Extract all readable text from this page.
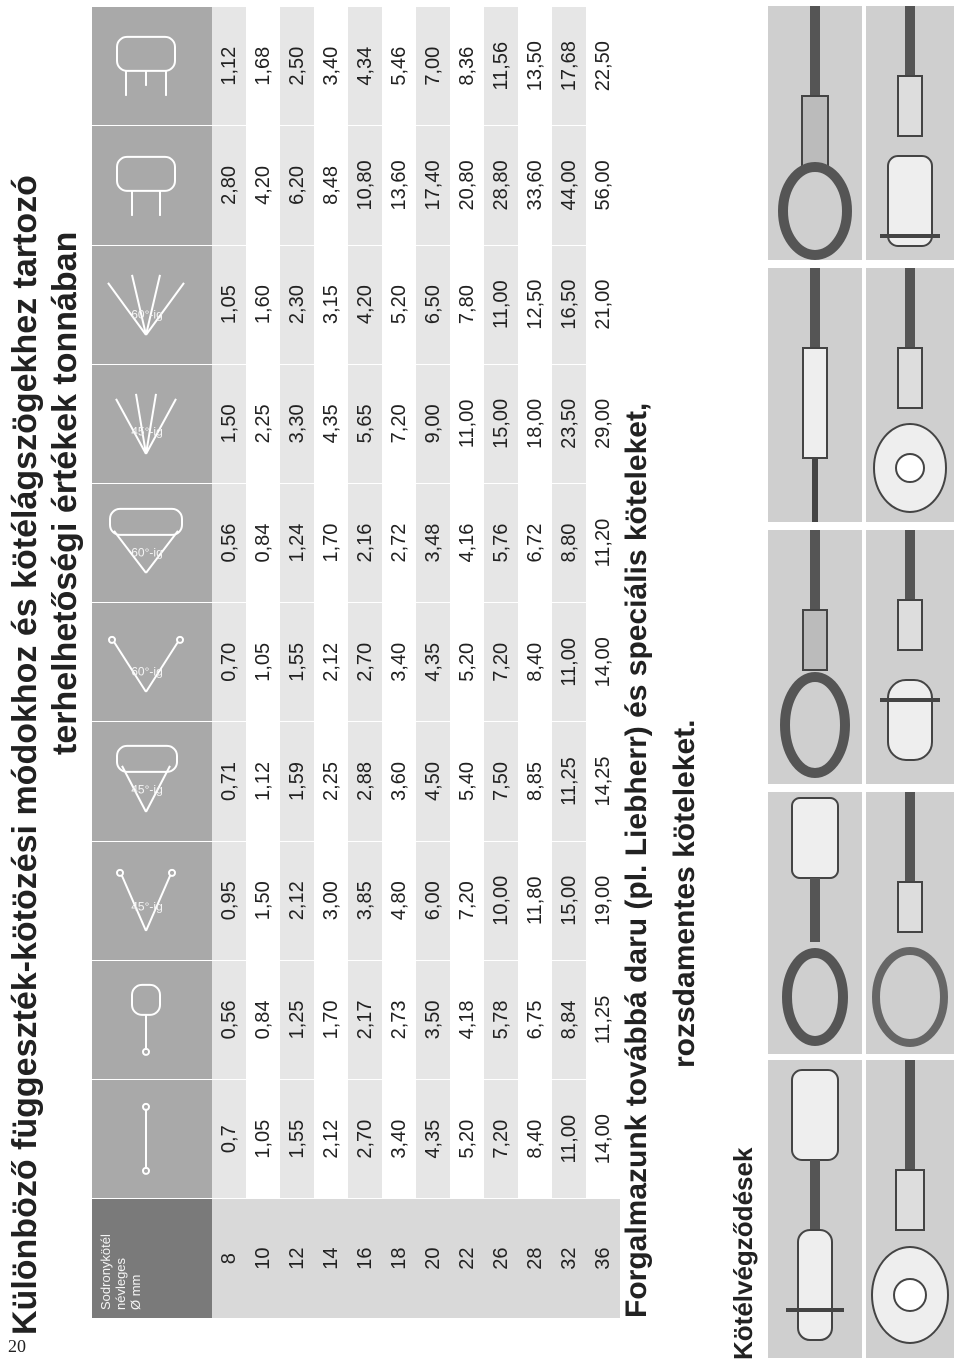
Különböző függeszték-kötözési módokhoz és kötélágszögekhez tartozó terhelhetőségi értékek tonnában
Sodronykötél névleges Ø mm			45°-ig	45°-ig	60°-ig	60°-ig	45°-ig	60°-ig

8	0,7	0,56	0,95	0,71	0,70	0,56	1,50	1,05	2,80	1,12
10	1,05	0,84	1,50	1,12	1,05	0,84	2,25	1,60	4,20	1,68
12	1,55	1,25	2,12	1,59	1,55	1,24	3,30	2,30	6,20	2,50
14	2,12	1,70	3,00	2,25	2,12	1,70	4,35	3,15	8,48	3,40
16	2,70	2,17	3,85	2,88	2,70	2,16	5,65	4,20	10,80	4,34
18	3,40	2,73	4,80	3,60	3,40	2,72	7,20	5,20	13,60	5,46
20	4,35	3,50	6,00	4,50	4,35	3,48	9,00	6,50	17,40	7,00
22	5,20	4,18	7,20	5,40	5,20	4,16	11,00	7,80	20,80	8,36
26	7,20	5,78	10,00	7,50	7,20	5,76	15,00	11,00	28,80	11,56
28	8,40	6,75	11,80	8,85	8,40	6,72	18,00	12,50	33,60	13,50
32	11,00	8,84	15,00	11,25	11,00	8,80	23,50	16,50	44,00	17,68
36	14,00	11,25	19,00	14,25	14,00	11,20	29,00	21,00	56,00	22,50
Forgalmazunk továbbá daru (pl. Liebherr) és speciális köteleket, rozsdamentes köteleket.
Kötélvégződések
20
